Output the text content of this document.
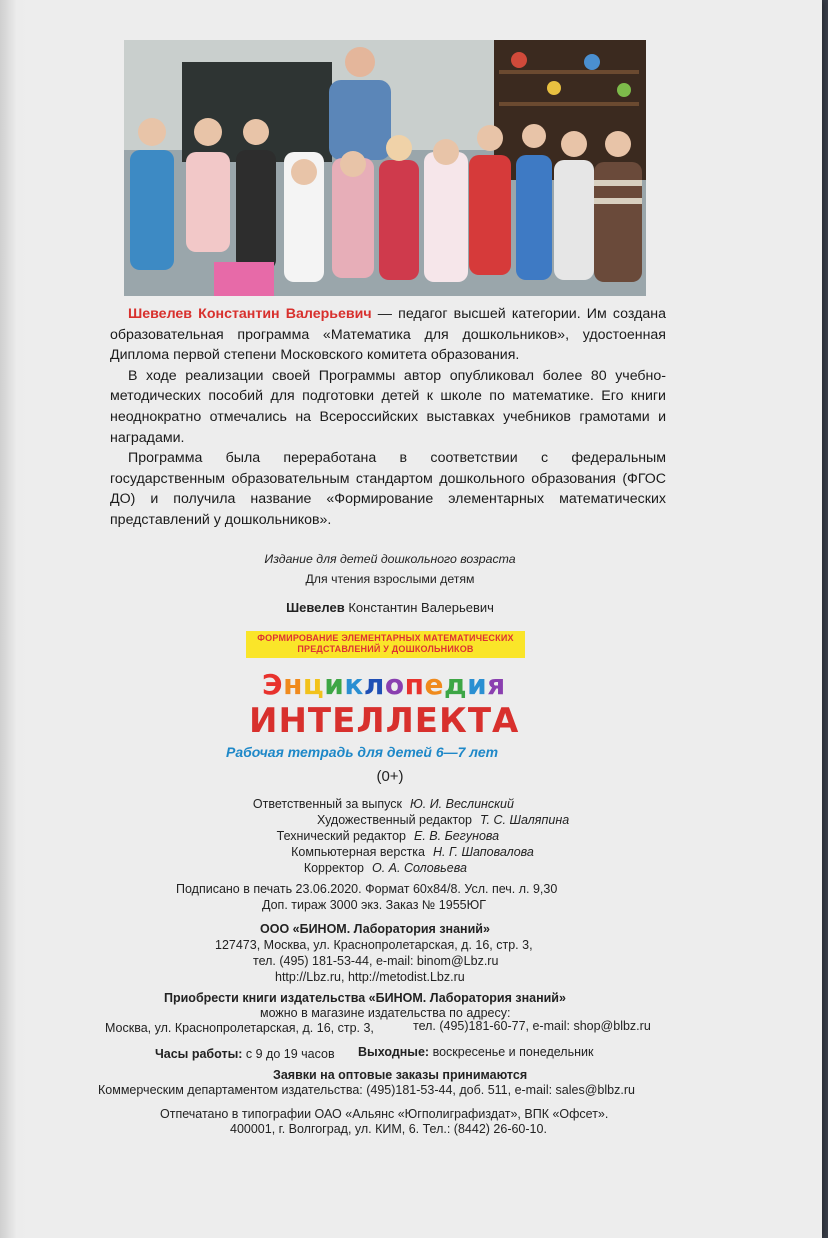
Шевелев Константин Валерьевич — педагог высшей категории. Им создана образовательная программа «Математика для дошкольников», удостоенная Диплома первой степени Московского комитета образования.

В ходе реализации своей Программы автор опубликовал более 80 учебно-методических пособий для подготовки детей к школе по математике. Его книги неоднократно отмечались на Всероссийских выставках учебников грамотами и наградами.

Программа была переработана в соответствии с федеральным государственным образовательным стандартом дошкольного образования (ФГОС ДО) и получила название «Формирование элементарных математических представлений у дошкольников».

Издание для детей дошкольного возраста
Для чтения взрослыми детям
Шевелев Константин Валерьевич
ФОРМИРОВАНИЕ ЭЛЕМЕНТАРНЫХ МАТЕМАТИЧЕСКИХ
ПРЕДСТАВЛЕНИЙ У ДОШКОЛЬНИКОВ
Энциклопедия
ИНТЕЛЛЕКТА
Рабочая тетрадь для детей 6—7 лет
(0+)
Ответственный за выпуск Ю. И. Веслинский
Художественный редактор Т. С. Шаляпина
Технический редактор Е. В. Бегунова
Компьютерная верстка Н. Г. Шаповалова
Корректор О. А. Соловьева
Подписано в печать 23.06.2020. Формат 60х84/8. Усл. печ. л. 9,30
Доп. тираж 3000 экз. Заказ № 1955ЮГ
ООО «БИНОМ. Лаборатория знаний»
127473, Москва, ул. Краснопролетарская, д. 16, стр. 3,
тел. (495) 181-53-44, e-mail: binom@Lbz.ru
http://Lbz.ru, http://metodist.Lbz.ru
Приобрести книги издательства «БИНОМ. Лаборатория знаний»
можно в магазине издательства по адресу:
Москва, ул. Краснопролетарская, д. 16, стр. 3,	тел. (495)181-60-77, e-mail: shop@blbz.ru
Часы работы: с 9 до 19 часов Выходные: воскресенье и понедельник
Заявки на оптовые заказы принимаются
Коммерческим департаментом издательства: (495)181-53-44, доб. 511, e-mail: sales@blbz.ru
Отпечатано в типографии ОАО «Альянс «Югполиграфиздат», ВПК «Офсет».
400001, г. Волгоград, ул. КИМ, 6. Тел.: (8442) 26-60-10.
